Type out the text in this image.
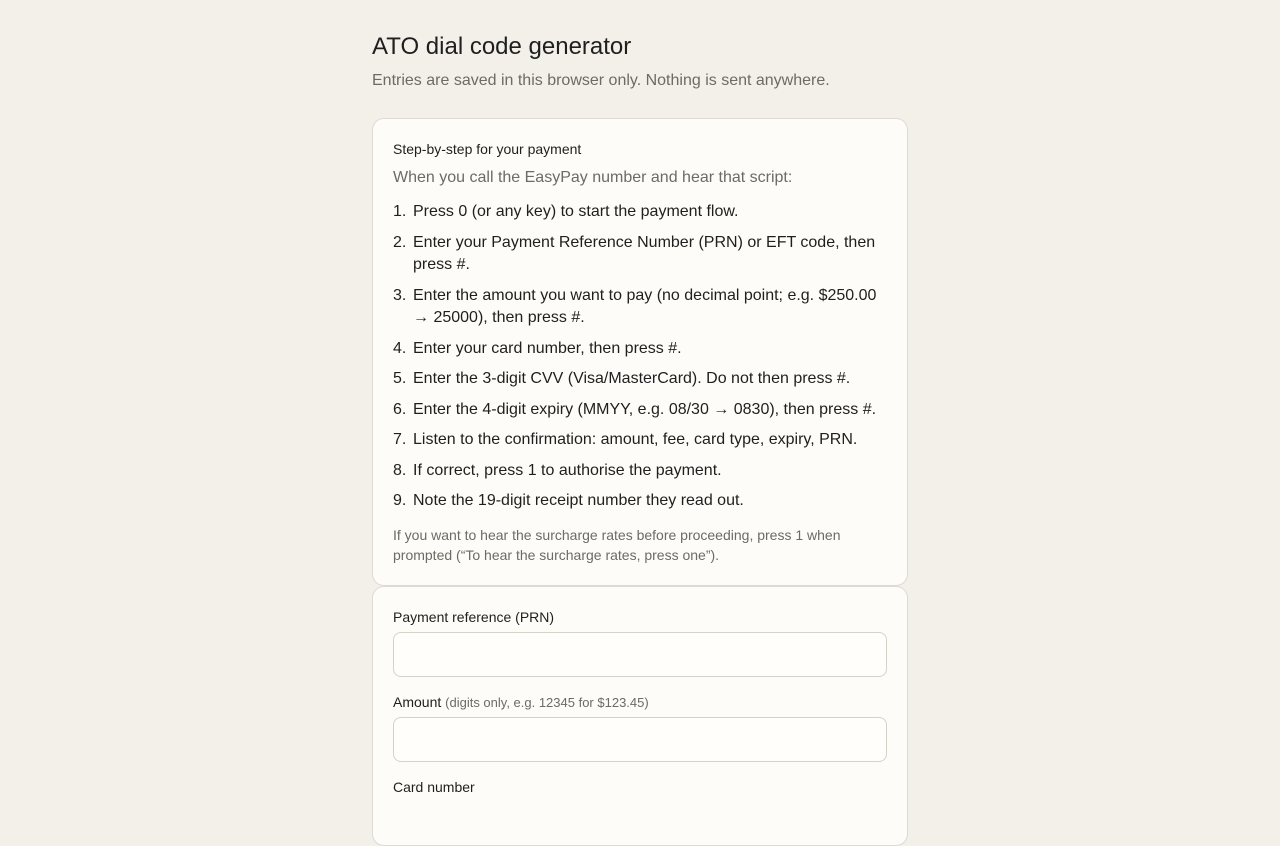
ATO dial code generator

Entries are saved in this browser only. Nothing is sent anywhere.

Step-by-step for your payment
When you call the EasyPay number and hear that script:
1. Press 0 (or any key) to start the payment flow.
2. Enter your Payment Reference Number (PRN) or EFT code, then press #.
3. Enter the amount you want to pay (no decimal point; e.g. $250.00 → 25000), then press #.
4. Enter your card number, then press #.
5. Enter the 3-digit CVV (Visa/MasterCard). Do not then press #.
6. Enter the 4-digit expiry (MMYY, e.g. 08/30 → 0830), then press #.
7. Listen to the confirmation: amount, fee, card type, expiry, PRN.
8. If correct, press 1 to authorise the payment.
9. Note the 19-digit receipt number they read out.

If you want to hear the surcharge rates before proceeding, press 1 when prompted (“To hear the surcharge rates, press one”).

Payment reference (PRN)
Amount (digits only, e.g. 12345 for $123.45)
Card number
